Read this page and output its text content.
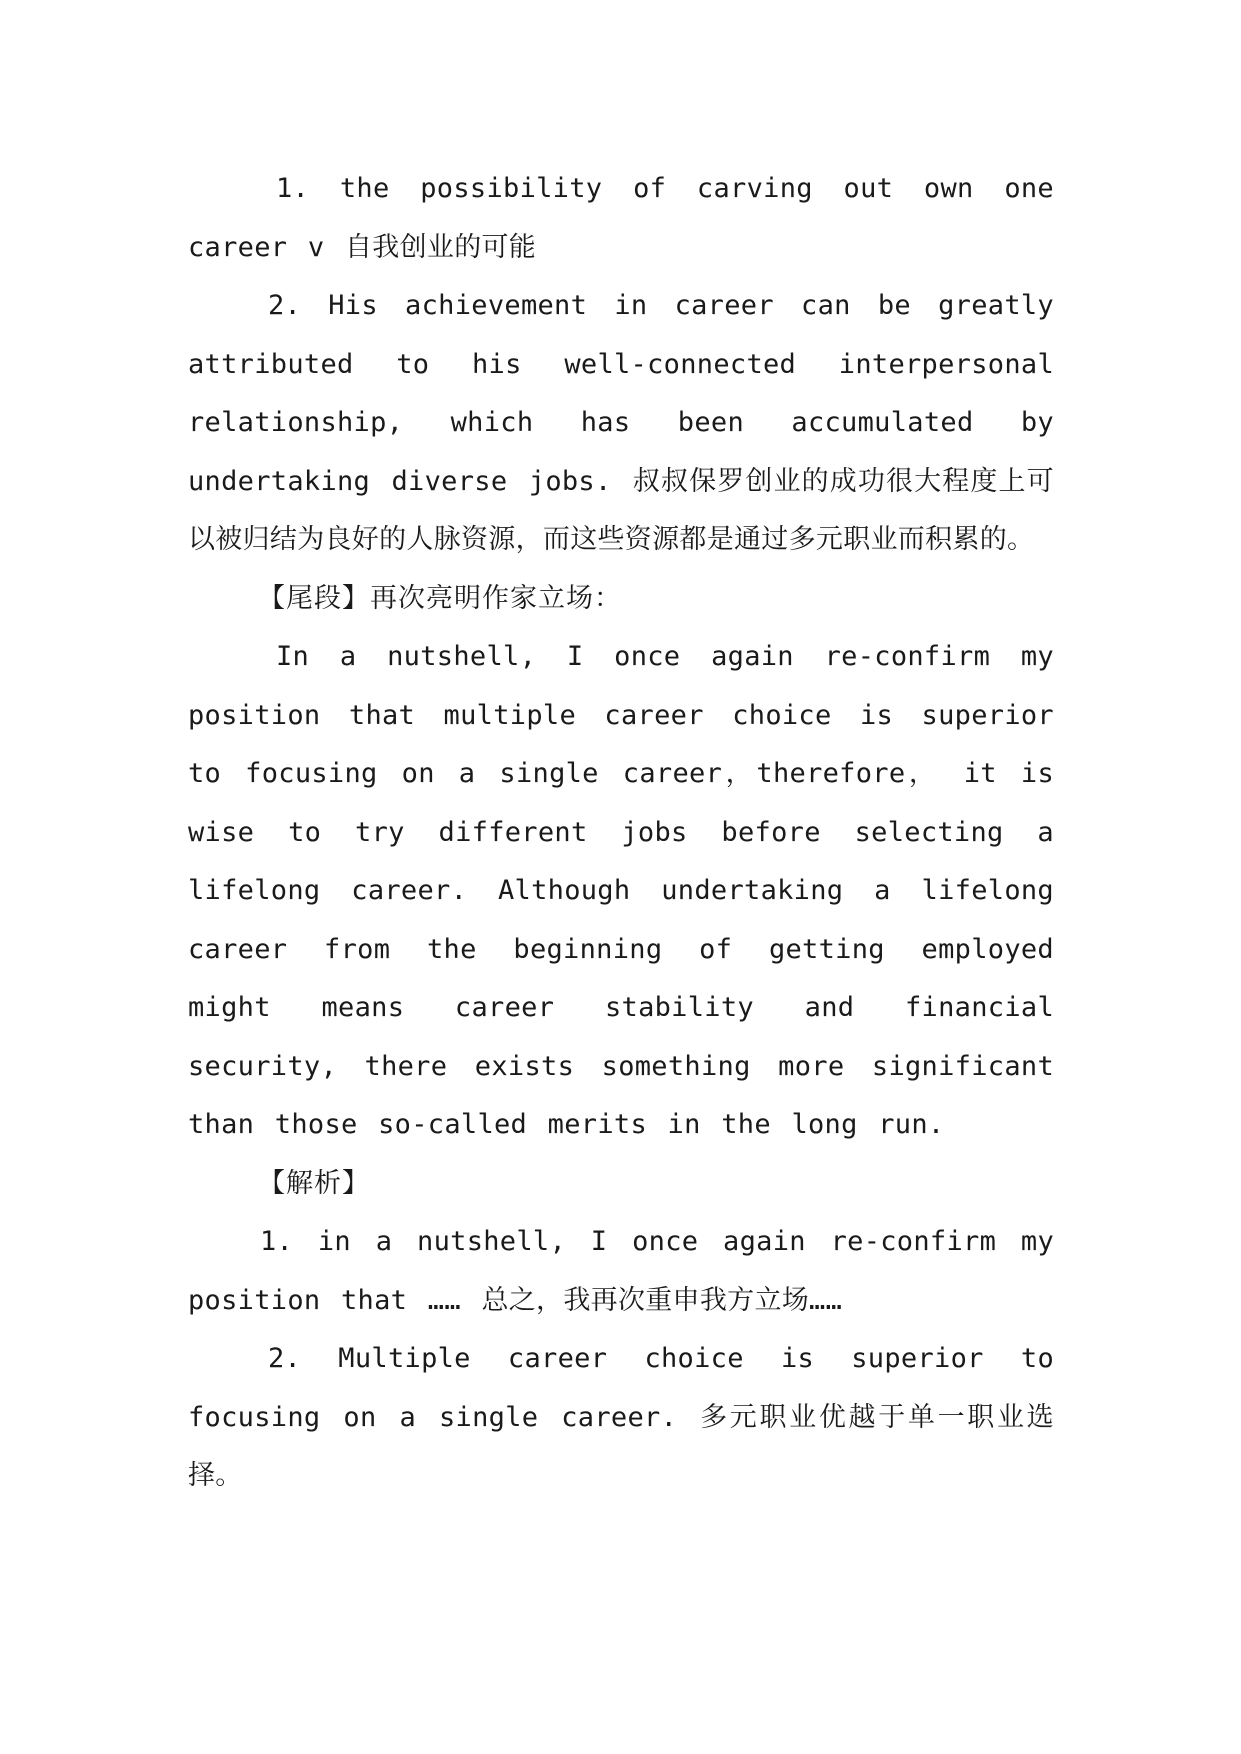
1. the possibility of carving out own one career v 自我创业的可能

2. His achievement in career can be greatly attributed to his well-connected interpersonal relationship, which has been accumulated by undertaking diverse jobs. 叔叔保罗创业的成功很大程度上可以被归结为良好的人脉资源，而这些资源都是通过多元职业而积累的。

【尾段】再次亮明作家立场：

In a nutshell, I once again re-confirm my position that multiple career choice is superior to focusing on a single career，therefore， it is wise to try different jobs before selecting a lifelong career. Although undertaking a lifelong career from the beginning of getting employed might means career stability and financial security, there exists something more significant than those so-called merits in the long run.

【解析】

1. in a nutshell, I once again re-confirm my position that …… 总之，我再次重申我方立场……

2. Multiple career choice is superior to focusing on a single career. 多元职业优越于单一职业选择。
